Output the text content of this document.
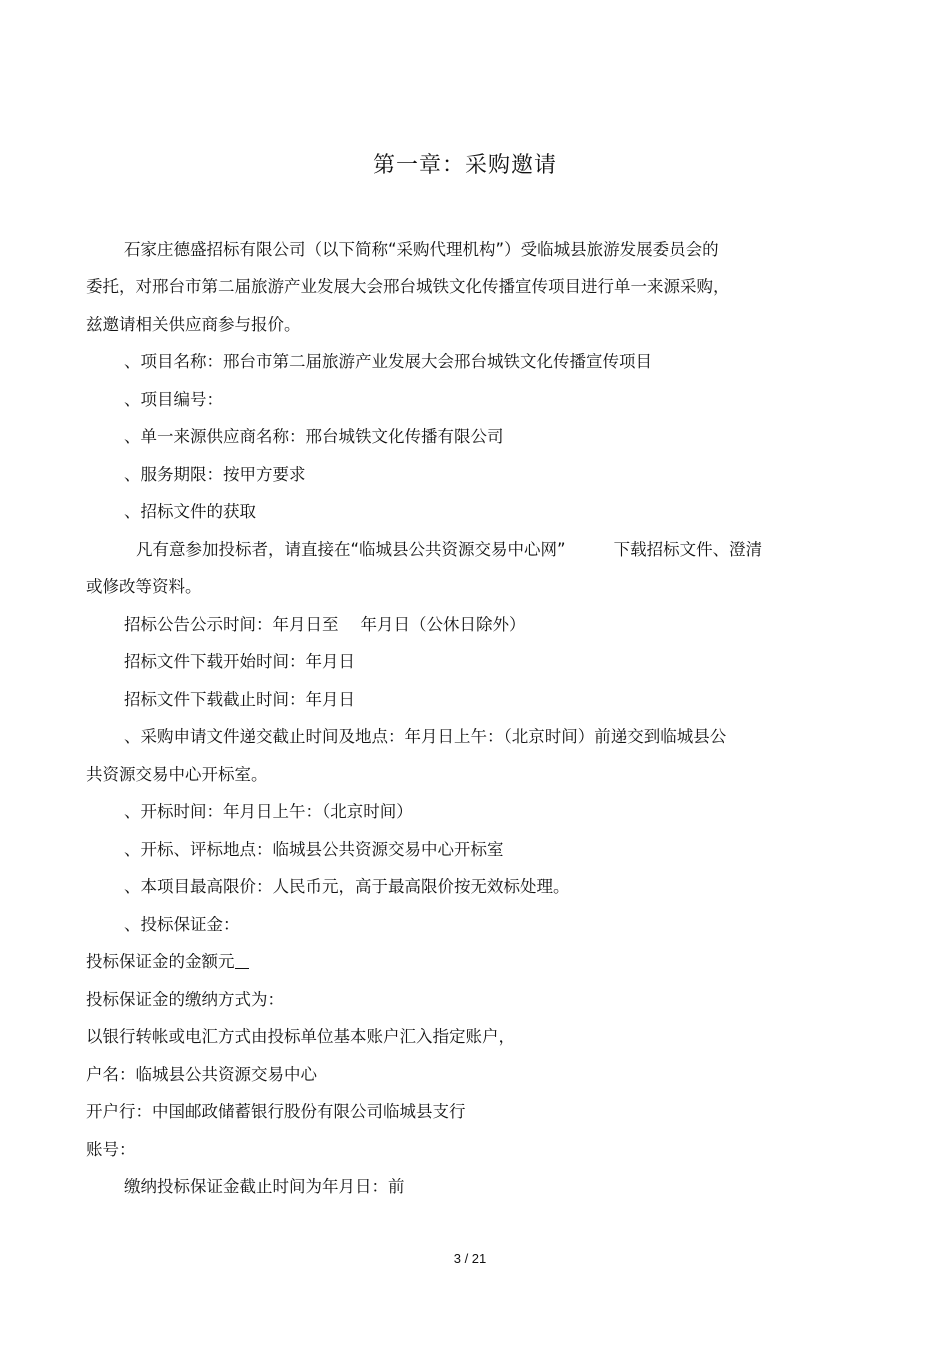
第一章：采购邀请
石家庄德盛招标有限公司（以下简称“采购代理机构”）受临城县旅游发展委员会的
委托，对邢台市第二届旅游产业发展大会邢台城铁文化传播宣传项目进行单一来源采购，
兹邀请相关供应商参与报价。
、项目名称：邢台市第二届旅游产业发展大会邢台城铁文化传播宣传项目
、项目编号：
、单一来源供应商名称：邢台城铁文化传播有限公司
、服务期限：按甲方要求
、招标文件的获取
凡有意参加投标者，请直接在“临城县公共资源交易中心网”	下载招标文件、澄清
或修改等资料。
招标公告公示时间：年月日至 年月日（公休日除外）
招标文件下载开始时间：年月日
招标文件下载截止时间：年月日
、采购申请文件递交截止时间及地点：年月日上午：（北京时间）前递交到临城县公
共资源交易中心开标室。
、开标时间：年月日上午：（北京时间）
、开标、评标地点：临城县公共资源交易中心开标室
、本项目最高限价：人民币元，高于最高限价按无效标处理。
、投标保证金：
投标保证金的金额元
投标保证金的缴纳方式为：
以银行转帐或电汇方式由投标单位基本账户汇入指定账户，
户名：临城县公共资源交易中心
开户行：中国邮政储蓄银行股份有限公司临城县支行
账号：
缴纳投标保证金截止时间为年月日：前
3 / 21
